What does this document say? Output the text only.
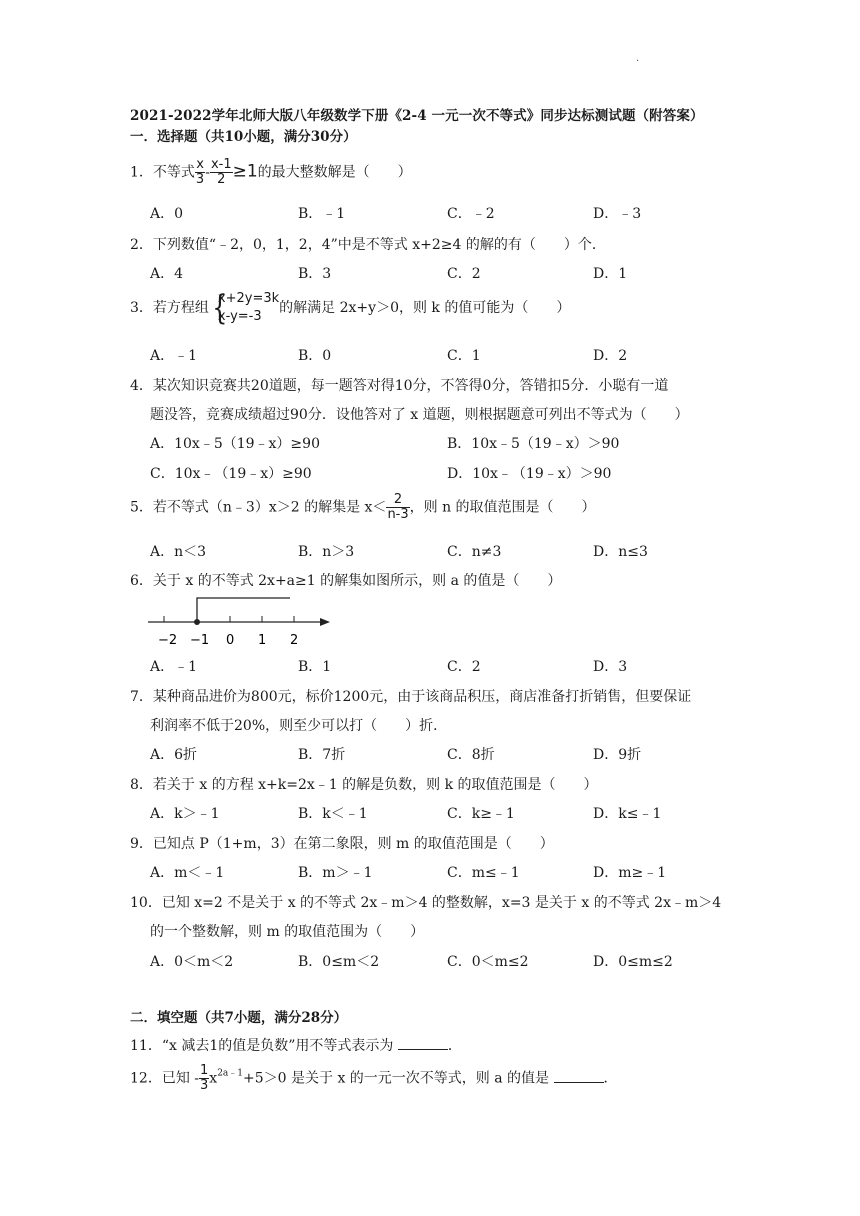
·
2021-2022学年北师大版八年级数学下册《2-4 一元一次不等式》同步达标测试题（附答案）
一．选择题（共10小题，满分30分）
1．不等式 $\frac{x}{3} - \frac{x-1}{2} \ge 1$的最大整数解是（　　）
A．0	B．﹣1	C．﹣2	D．﹣3
2．下列数值“﹣2，0，1，2，4”中是不等式 x+2≥4 的解的有（　　）个．
A．4	B．3	C．2	D．1
3．若方程组 {
x+2y=3k
x-y=-3
的解满足 2x+y＞0，则 k 的值可能为（　　）
A．﹣1	B．0	C．1	D．2
4．某次知识竞赛共20道题，每一题答对得10分，不答得0分，答错扣5分．小聪有一道
题没答，竞赛成绩超过90分．设他答对了 x 道题，则根据题意可列出不等式为（　　）
A．10x﹣5（19﹣x）≥90	B．10x﹣5（19﹣x）＞90
C．10x﹣（19﹣x）≥90	D．10x﹣（19﹣x）＞90
5．若不等式（n﹣3）x＞2 的解集是 $x< \frac{2}{n-3}$ ，则 n 的取值范围是（　　）
A．n＜3	B．n＞3	C．n≠3	D．n≤3
6．关于 x 的不等式 2x+a≥1 的解集如图所示，则 a 的值是（　　）
−2 −1 0 1 2
A．﹣1	B．1	C．2	D．3
7．某种商品进价为800元，标价1200元，由于该商品积压，商店准备打折销售，但要保证
利润率不低于20%，则至少可以打（　　）折．
A．6折	B．7折	C．8折	D．9折
8．若关于 x 的方程 x+k=2x﹣1 的解是负数，则 k 的取值范围是（　　）
A．k＞﹣1	B．k＜﹣1	C．k≥﹣1	D．k≤﹣1
9．已知点 P（1+m，3）在第二象限，则 m 的取值范围是（　　）
A．m＜﹣1	B．m＞﹣1	C．m≤﹣1	D．m≥﹣1
10．已知 x=2 不是关于 x 的不等式 2x﹣m＞4 的整数解，x=3 是关于 x 的不等式 2x﹣m＞4
的一个整数解，则 m 的取值范围为（　　）
A．0＜m＜2	B．0≤m＜2	C．0＜m≤2	D．0≤m≤2
二．填空题（共7小题，满分28分）
11．“x 减去1的值是负数”用不等式表示为	．
12．已知 - $\frac{1}{3} x^{2a﹣1}+5>0$ 是关于 x 的一元一次不等式，则 a 的值是	．
